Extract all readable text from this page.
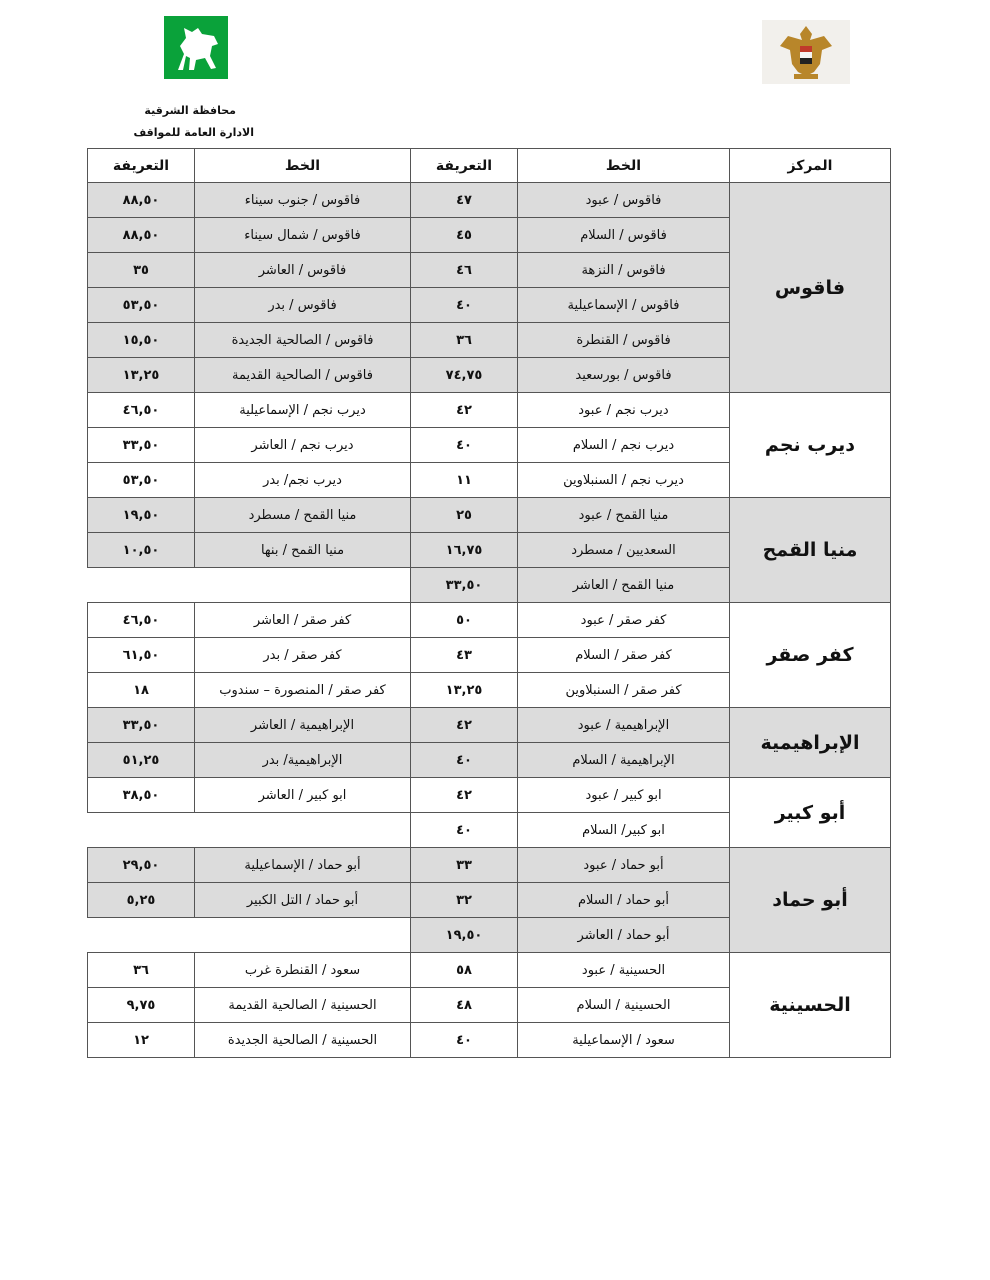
محافظة الشرقية
الادارة العامة للمواقف
المركز	الخط	التعريفة	الخط	التعريفة
فاقوس	فاقوس / عبود	٤٧	فاقوس / جنوب سيناء	٨٨,٥٠
	فاقوس / السلام	٤٥	فاقوس / شمال سيناء	٨٨,٥٠
	فاقوس / النزهة	٤٦	فاقوس / العاشر	٣٥
	فاقوس / الإسماعيلية	٤٠	فاقوس / بدر	٥٣,٥٠
	فاقوس / القنطرة	٣٦	فاقوس / الصالحية الجديدة	١٥,٥٠
	فاقوس / بورسعيد	٧٤,٧٥	فاقوس / الصالحية القديمة	١٣,٢٥
ديرب نجم	ديرب نجم / عبود	٤٢	ديرب نجم / الإسماعيلية	٤٦,٥٠
	ديرب نجم / السلام	٤٠	ديرب نجم / العاشر	٣٣,٥٠
	ديرب نجم / السنبلاوين	١١	ديرب نجم/ بدر	٥٣,٥٠
منيا القمح	منيا القمح / عبود	٢٥	منيا القمح / مسطرد	١٩,٥٠
	السعديين / مسطرد	١٦,٧٥	منيا القمح / بنها	١٠,٥٠
	منيا القمح / العاشر	٣٣,٥٠		
كفر صقر	كفر صقر / عبود	٥٠	كفر صقر / العاشر	٤٦,٥٠
	كفر صقر / السلام	٤٣	كفر صقر / بدر	٦١,٥٠
	كفر صقر / السنبلاوين	١٣,٢٥	كفر صقر / المنصورة – سندوب	١٨
الإبراهيمية	الإبراهيمية / عبود	٤٢	الإبراهيمية / العاشر	٣٣,٥٠
	الإبراهيمية / السلام	٤٠	الإبراهيمية/ بدر	٥١,٢٥
أبو كبير	ابو كبير / عبود	٤٢	ابو كبير / العاشر	٣٨,٥٠
	ابو كبير/ السلام	٤٠		
أبو حماد	أبو حماد / عبود	٣٣	أبو حماد / الإسماعيلية	٢٩,٥٠
	أبو حماد / السلام	٣٢	أبو حماد / التل الكبير	٥,٢٥
	أبو حماد / العاشر	١٩,٥٠		
الحسينية	الحسينية / عبود	٥٨	سعود / القنطرة غرب	٣٦
	الحسينية / السلام	٤٨	الحسينية / الصالحية القديمة	٩,٧٥
	سعود / الإسماعيلية	٤٠	الحسينية / الصالحية الجديدة	١٢
